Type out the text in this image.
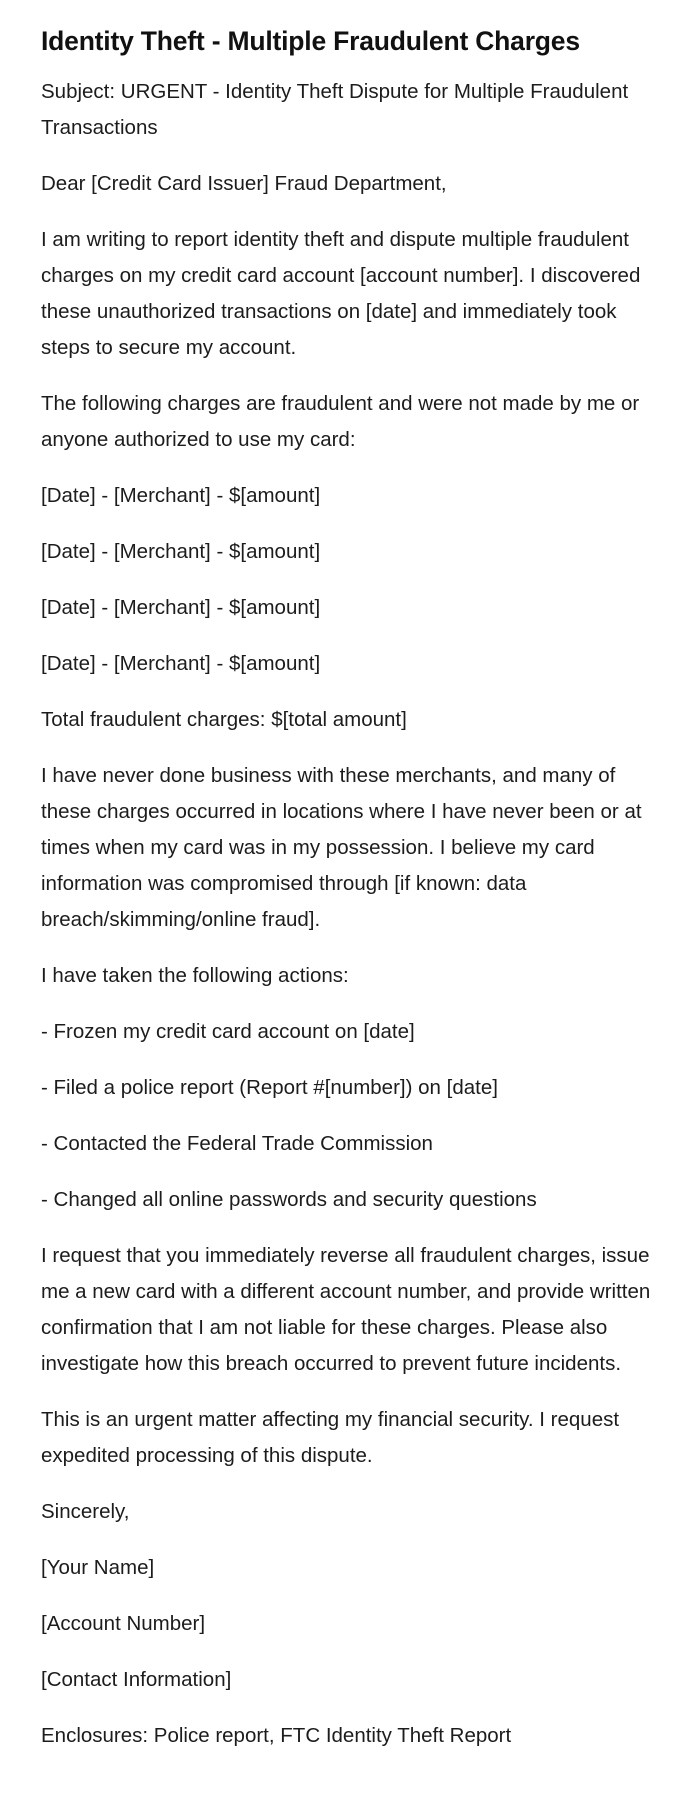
Identity Theft - Multiple Fraudulent Charges

Subject: URGENT - Identity Theft Dispute for Multiple Fraudulent Transactions

Dear [Credit Card Issuer] Fraud Department,

I am writing to report identity theft and dispute multiple fraudulent charges on my credit card account [account number]. I discovered these unauthorized transactions on [date] and immediately took steps to secure my account.

The following charges are fraudulent and were not made by me or anyone authorized to use my card:

[Date] - [Merchant] - $[amount]

[Date] - [Merchant] - $[amount]

[Date] - [Merchant] - $[amount]

[Date] - [Merchant] - $[amount]

Total fraudulent charges: $[total amount]

I have never done business with these merchants, and many of these charges occurred in locations where I have never been or at times when my card was in my possession. I believe my card information was compromised through [if known: data breach/skimming/online fraud].

I have taken the following actions:

- Frozen my credit card account on [date]

- Filed a police report (Report #[number]) on [date]

- Contacted the Federal Trade Commission

- Changed all online passwords and security questions

I request that you immediately reverse all fraudulent charges, issue me a new card with a different account number, and provide written confirmation that I am not liable for these charges. Please also investigate how this breach occurred to prevent future incidents.

This is an urgent matter affecting my financial security. I request expedited processing of this dispute.

Sincerely,

[Your Name]

[Account Number]

[Contact Information]

Enclosures: Police report, FTC Identity Theft Report
